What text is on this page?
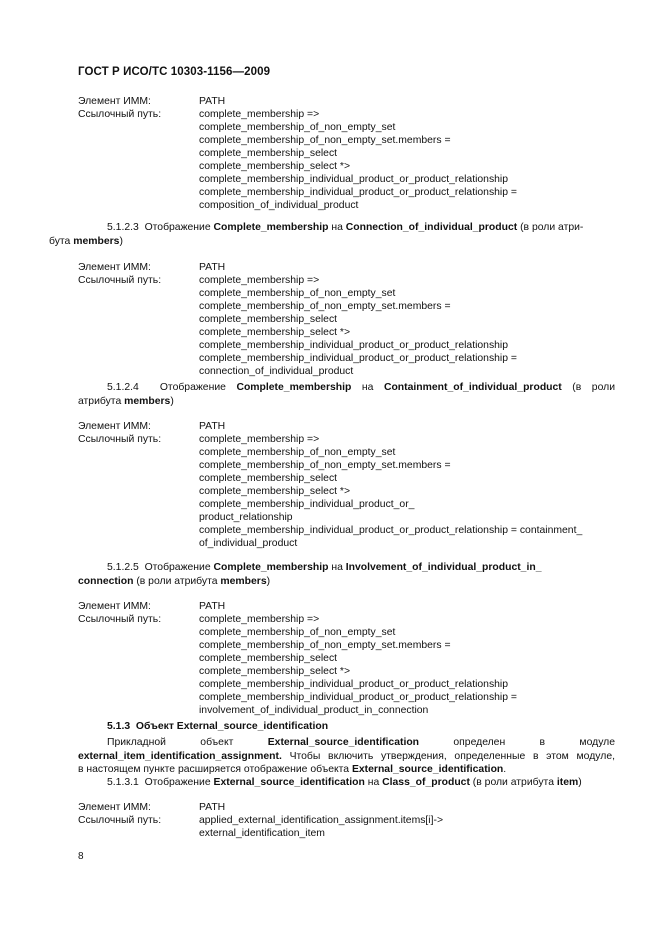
ГОСТ Р ИСО/ТС 10303-1156—2009
Элемент ИММ:	PATH
Ссылочный путь:	complete_membership =>
complete_membership_of_non_empty_set
complete_membership_of_non_empty_set.members =
complete_membership_select
complete_membership_select *>
complete_membership_individual_product_or_product_relationship
complete_membership_individual_product_or_product_relationship =
composition_of_individual_product
5.1.2.3 Отображение Complete_membership на Connection_of_individual_product (в роли атри-
бута members)
Элемент ИММ:	PATH
Ссылочный путь:	complete_membership =>
complete_membership_of_non_empty_set
complete_membership_of_non_empty_set.members =
complete_membership_select
complete_membership_select *>
complete_membership_individual_product_or_product_relationship
complete_membership_individual_product_or_product_relationship =
connection_of_individual_product
5.1.2.4 Отображение Complete_membership на Containment_of_individual_product (в роли
атрибута members)
Элемент ИММ:	PATH
Ссылочный путь:	complete_membership =>
complete_membership_of_non_empty_set
complete_membership_of_non_empty_set.members =
complete_membership_select
complete_membership_select *>
complete_membership_individual_product_or_
product_relationship
complete_membership_individual_product_or_product_relationship = containment_
of_individual_product
5.1.2.5 Отображение Complete_membership на Involvement_of_individual_product_in_
connection (в роли атрибута members)
Элемент ИММ:	PATH
Ссылочный путь:	complete_membership =>
complete_membership_of_non_empty_set
complete_membership_of_non_empty_set.members =
complete_membership_select
complete_membership_select *>
complete_membership_individual_product_or_product_relationship
complete_membership_individual_product_or_product_relationship =
involvement_of_individual_product_in_connection
5.1.3 Объект External_source_identification
Прикладной объект	External_source_identification	определен в модуле
external_item_identification_assignment. Чтобы включить утверждения, определенные в этом модуле,
в настоящем пункте расширяется отображение объекта External_source_identification.
5.1.3.1 Отображение External_source_identification на Class_of_product (в роли атрибута item)
Элемент ИММ:	PATH
Ссылочный путь:	applied_external_identification_assignment.items[i]->
external_identification_item
8
